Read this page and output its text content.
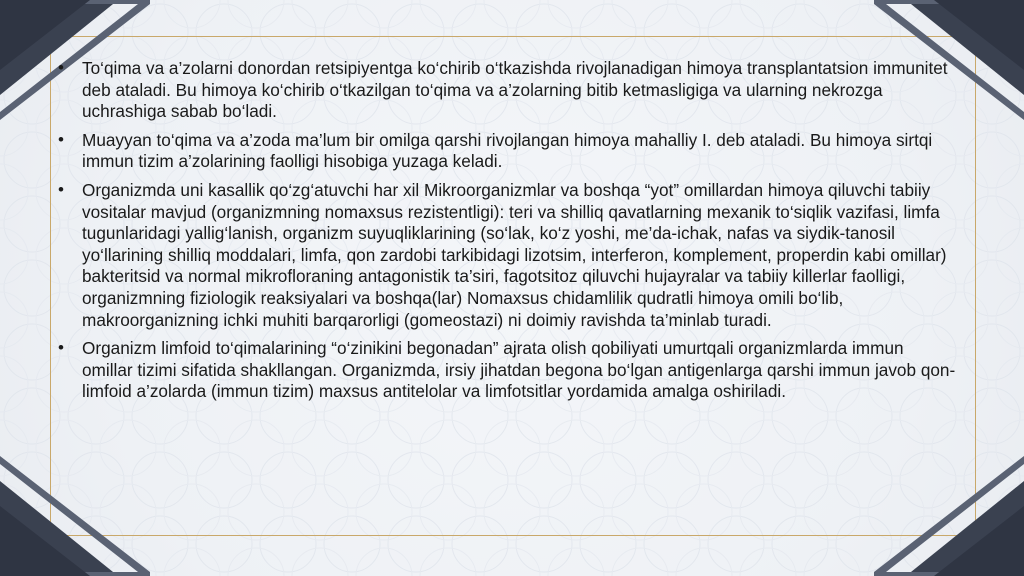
• To‘qima va a’zolarni donordan retsipiyentga ko‘chirib o‘tkazishda rivojlanadigan himoya transplantatsion immunitet deb ataladi. Bu himoya ko‘chirib o‘tkazilgan to‘qima va a’zolarning bitib ketmasligiga va ularning nekrozga uchrashiga sabab bo‘ladi.
• Muayyan to‘qima va a’zoda ma’lum bir omilga qarshi rivojlangan himoya mahalliy I. deb ataladi. Bu himoya sirtqi immun tizim a’zolarining faolligi hisobiga yuzaga keladi.
• Organizmda uni kasallik qo‘zg‘atuvchi har xil Mikroorganizmlar va boshqa “yot” omillardan himoya qiluvchi tabiiy vositalar mavjud (organizmning nomaxsus rezistentligi): teri va shilliq qavatlarning mexanik to‘siqlik vazifasi, limfa tugunlaridagi yallig‘lanish, organizm suyuqliklarining (so‘lak, ko‘z yoshi, me’da-ichak, nafas va siydik-tanosil yo‘llarining shilliq moddalari, limfa, qon zardobi tarkibidagi lizotsim, interferon, komplement, properdin kabi omillar) bakteritsid va normal mikrofloraning antagonistik ta’siri, fagotsitoz qiluvchi hujayralar va tabiiy killerlar faolligi, organizmning fiziologik reaksiyalari va boshqa(lar) Nomaxsus chidamlilik qudratli himoya omili bo‘lib, makroorganizning ichki muhiti barqarorligi (gomeostazi) ni doimiy ravishda ta’minlab turadi.
• Organizm limfoid to‘qimalarining “o‘zinikini begonadan” ajrata olish qobiliyati umurtqali organizmlarda immun omillar tizimi sifatida shakllangan. Organizmda, irsiy jihatdan begona bo‘lgan antigenlarga qarshi immun javob qon-limfoid a’zolarda (immun tizim) maxsus antitelolar va limfotsitlar yordamida amalga oshiriladi.
